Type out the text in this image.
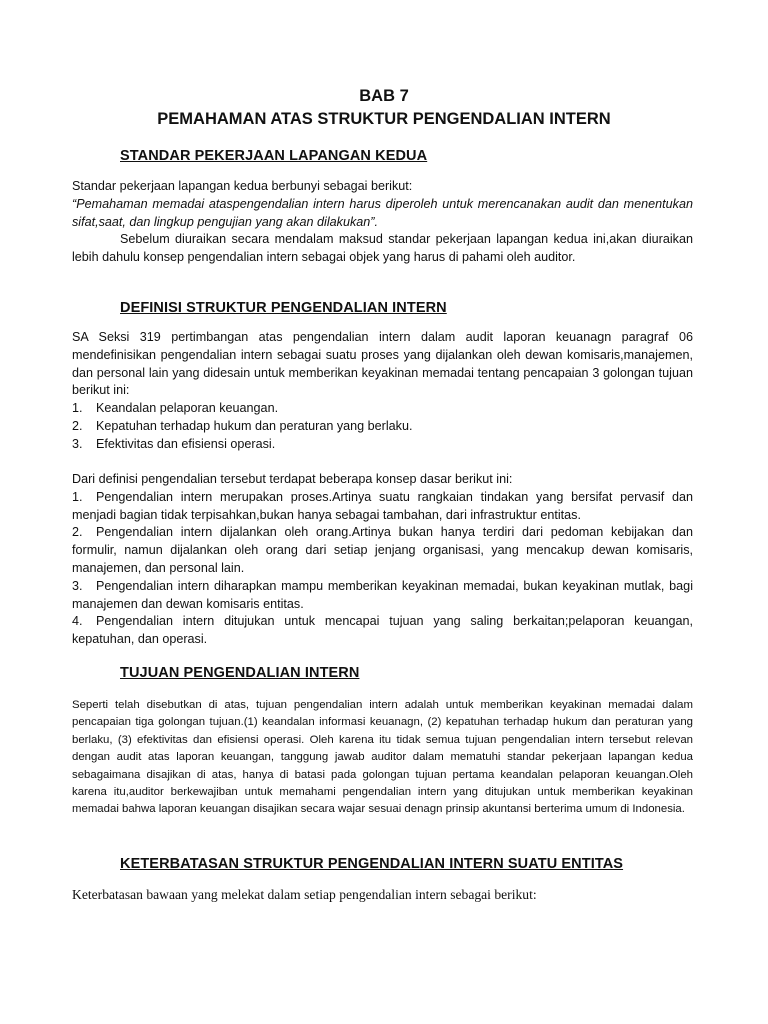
BAB 7
PEMAHAMAN ATAS STRUKTUR PENGENDALIAN INTERN
STANDAR PEKERJAAN LAPANGAN KEDUA

Standar pekerjaan lapangan kedua berbunyi sebagai berikut:

“Pemahaman memadai ataspengendalian intern harus diperoleh untuk merencanakan audit dan menentukan sifat,saat, dan lingkup pengujian yang akan dilakukan”.

Sebelum diuraikan secara mendalam maksud standar pekerjaan lapangan kedua ini,akan diuraikan lebih dahulu konsep pengendalian intern sebagai objek yang harus di pahami oleh auditor.

DEFINISI STRUKTUR PENGENDALIAN INTERN

SA Seksi 319 pertimbangan atas pengendalian intern dalam audit laporan keuanagn paragraf 06 mendefinisikan pengendalian intern sebagai suatu proses yang dijalankan oleh dewan komisaris,manajemen, dan personal lain yang didesain untuk memberikan keyakinan memadai tentang pencapaian 3 golongan tujuan berikut ini:

1. Keandalan pelaporan keuangan.
2. Kepatuhan terhadap hukum dan peraturan yang berlaku.
3. Efektivitas dan efisiensi operasi.

Dari definisi pengendalian tersebut terdapat beberapa konsep dasar berikut ini:

1. Pengendalian intern merupakan proses.Artinya suatu rangkaian tindakan yang bersifat pervasif dan menjadi bagian tidak terpisahkan,bukan hanya sebagai tambahan, dari infrastruktur entitas.
2. Pengendalian intern dijalankan oleh orang.Artinya bukan hanya terdiri dari pedoman kebijakan dan formulir, namun dijalankan oleh orang dari setiap jenjang organisasi, yang mencakup dewan komisaris, manajemen, dan personal lain.
3. Pengendalian intern diharapkan mampu memberikan keyakinan memadai, bukan keyakinan mutlak, bagi manajemen dan dewan komisaris entitas.
4. Pengendalian intern ditujukan untuk mencapai tujuan yang saling berkaitan;pelaporan keuangan, kepatuhan, dan operasi.
TUJUAN PENGENDALIAN INTERN

Seperti telah disebutkan di atas, tujuan pengendalian intern adalah untuk memberikan keyakinan memadai dalam pencapaian tiga golongan tujuan.(1) keandalan informasi keuanagn, (2) kepatuhan terhadap hukum dan peraturan yang berlaku, (3) efektivitas dan efisiensi operasi. Oleh karena itu tidak semua tujuan pengendalian intern tersebut relevan dengan audit atas laporan keuangan, tanggung jawab auditor dalam mematuhi standar pekerjaan lapangan kedua sebagaimana disajikan di atas, hanya di batasi pada golongan tujuan pertama keandalan pelaporan keuangan.Oleh karena itu,auditor berkewajiban untuk memahami pengendalian intern yang ditujukan untuk memberikan keyakinan memadai bahwa laporan keuangan disajikan secara wajar sesuai denagn prinsip akuntansi berterima umum di Indonesia.

KETERBATASAN STRUKTUR PENGENDALIAN INTERN SUATU ENTITAS

Keterbatasan bawaan yang melekat dalam setiap pengendalian intern sebagai berikut:
